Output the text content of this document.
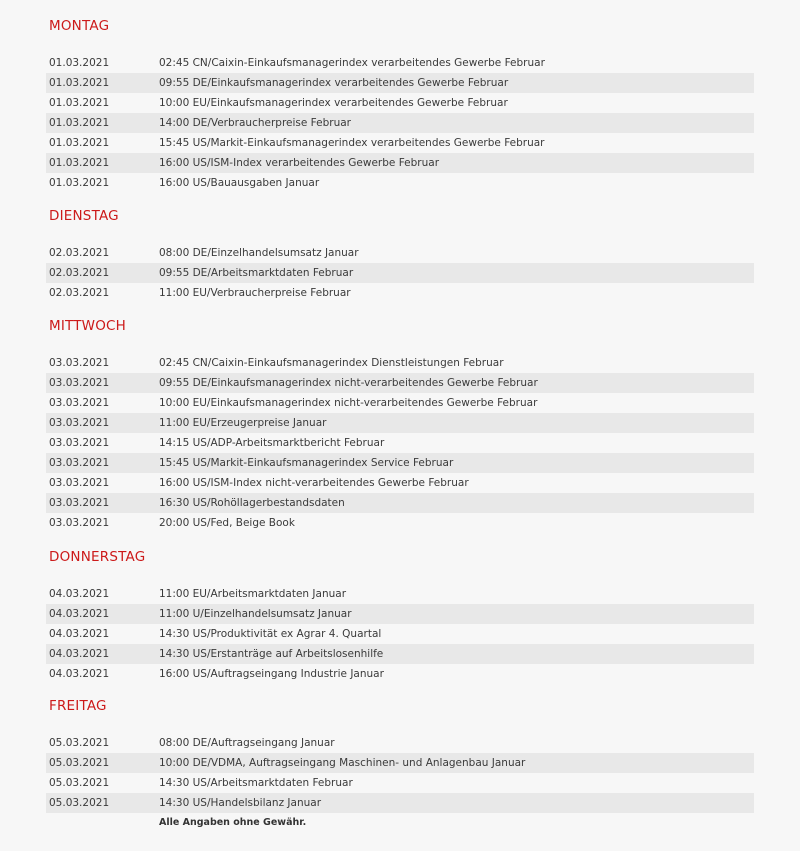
MONTAG
01.03.2021	02:45 CN/Caixin-Einkaufsmanagerindex verarbeitendes Gewerbe Februar
01.03.2021	09:55 DE/Einkaufsmanagerindex verarbeitendes Gewerbe Februar
01.03.2021	10:00 EU/Einkaufsmanagerindex verarbeitendes Gewerbe Februar
01.03.2021	14:00 DE/Verbraucherpreise Februar
01.03.2021	15:45 US/Markit-Einkaufsmanagerindex verarbeitendes Gewerbe Februar
01.03.2021	16:00 US/ISM-Index verarbeitendes Gewerbe Februar
01.03.2021	16:00 US/Bauausgaben Januar
DIENSTAG
02.03.2021	08:00 DE/Einzelhandelsumsatz Januar
02.03.2021	09:55 DE/Arbeitsmarktdaten Februar
02.03.2021	11:00 EU/Verbraucherpreise Februar
MITTWOCH
03.03.2021	02:45 CN/Caixin-Einkaufsmanagerindex Dienstleistungen Februar
03.03.2021	09:55 DE/Einkaufsmanagerindex nicht-verarbeitendes Gewerbe Februar
03.03.2021	10:00 EU/Einkaufsmanagerindex nicht-verarbeitendes Gewerbe Februar
03.03.2021	11:00 EU/Erzeugerpreise Januar
03.03.2021	14:15 US/ADP-Arbeitsmarktbericht Februar
03.03.2021	15:45 US/Markit-Einkaufsmanagerindex Service Februar
03.03.2021	16:00 US/ISM-Index nicht-verarbeitendes Gewerbe Februar
03.03.2021	16:30 US/Rohöllagerbestandsdaten
03.03.2021	20:00 US/Fed, Beige Book
DONNERSTAG
04.03.2021	11:00 EU/Arbeitsmarktdaten Januar
04.03.2021	11:00 U/Einzelhandelsumsatz Januar
04.03.2021	14:30 US/Produktivität ex Agrar 4. Quartal
04.03.2021	14:30 US/Erstanträge auf Arbeitslosenhilfe
04.03.2021	16:00 US/Auftragseingang Industrie Januar
FREITAG
05.03.2021	08:00 DE/Auftragseingang Januar
05.03.2021	10:00 DE/VDMA, Auftragseingang Maschinen- und Anlagenbau Januar
05.03.2021	14:30 US/Arbeitsmarktdaten Februar
05.03.2021	14:30 US/Handelsbilanz Januar
Alle Angaben ohne Gewähr.
